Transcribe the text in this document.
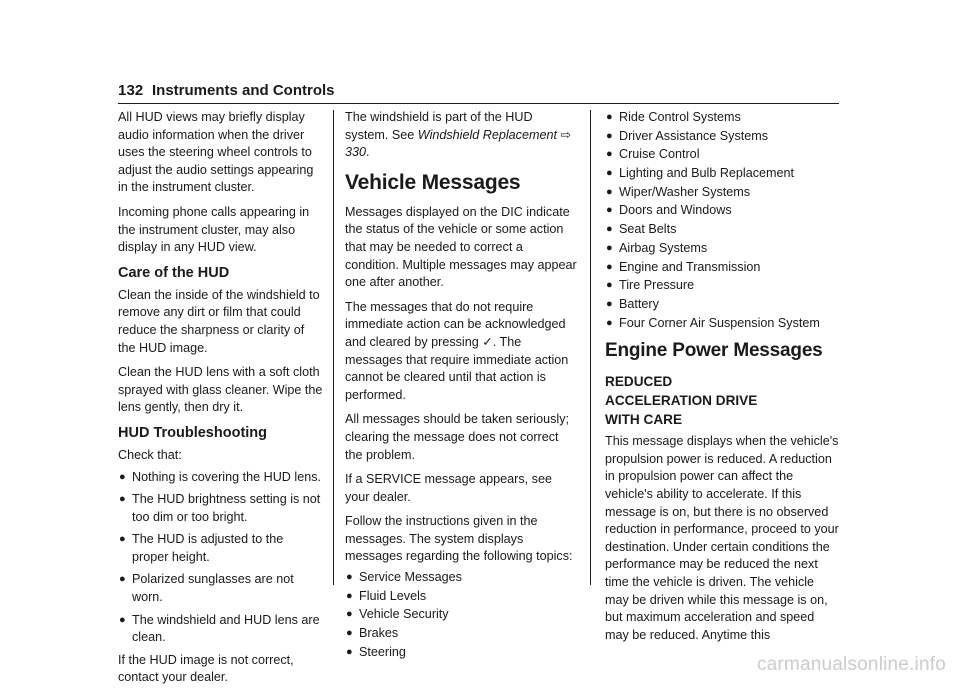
132 Instruments and Controls

All HUD views may briefly display audio information when the driver uses the steering wheel controls to adjust the audio settings appearing in the instrument cluster.

Incoming phone calls appearing in the instrument cluster, may also display in any HUD view.

Care of the HUD

Clean the inside of the windshield to remove any dirt or film that could reduce the sharpness or clarity of the HUD image.

Clean the HUD lens with a soft cloth sprayed with glass cleaner. Wipe the lens gently, then dry it.

HUD Troubleshooting

Check that:

● Nothing is covering the HUD lens.
● The HUD brightness setting is not too dim or too bright.
● The HUD is adjusted to the proper height.
● Polarized sunglasses are not worn.
● The windshield and HUD lens are clean.

If the HUD image is not correct, contact your dealer.

The windshield is part of the HUD system. See Windshield Replacement ⇨ 330.

Vehicle Messages

Messages displayed on the DIC indicate the status of the vehicle or some action that may be needed to correct a condition. Multiple messages may appear one after another.

The messages that do not require immediate action can be acknowledged and cleared by pressing ✓. The messages that require immediate action cannot be cleared until that action is performed.

All messages should be taken seriously; clearing the message does not correct the problem.

If a SERVICE message appears, see your dealer.

Follow the instructions given in the messages. The system displays messages regarding the following topics:

● Service Messages
● Fluid Levels
● Vehicle Security
● Brakes
● Steering
● Ride Control Systems
● Driver Assistance Systems
● Cruise Control
● Lighting and Bulb Replacement
● Wiper/Washer Systems
● Doors and Windows
● Seat Belts
● Airbag Systems
● Engine and Transmission
● Tire Pressure
● Battery
● Four Corner Air Suspension System
Engine Power Messages
REDUCED ACCELERATION DRIVE WITH CARE

This message displays when the vehicle's propulsion power is reduced. A reduction in propulsion power can affect the vehicle's ability to accelerate. If this message is on, but there is no observed reduction in performance, proceed to your destination. Under certain conditions the performance may be reduced the next time the vehicle is driven. The vehicle may be driven while this message is on, but maximum acceleration and speed may be reduced. Anytime this

carmanualsonline.info
